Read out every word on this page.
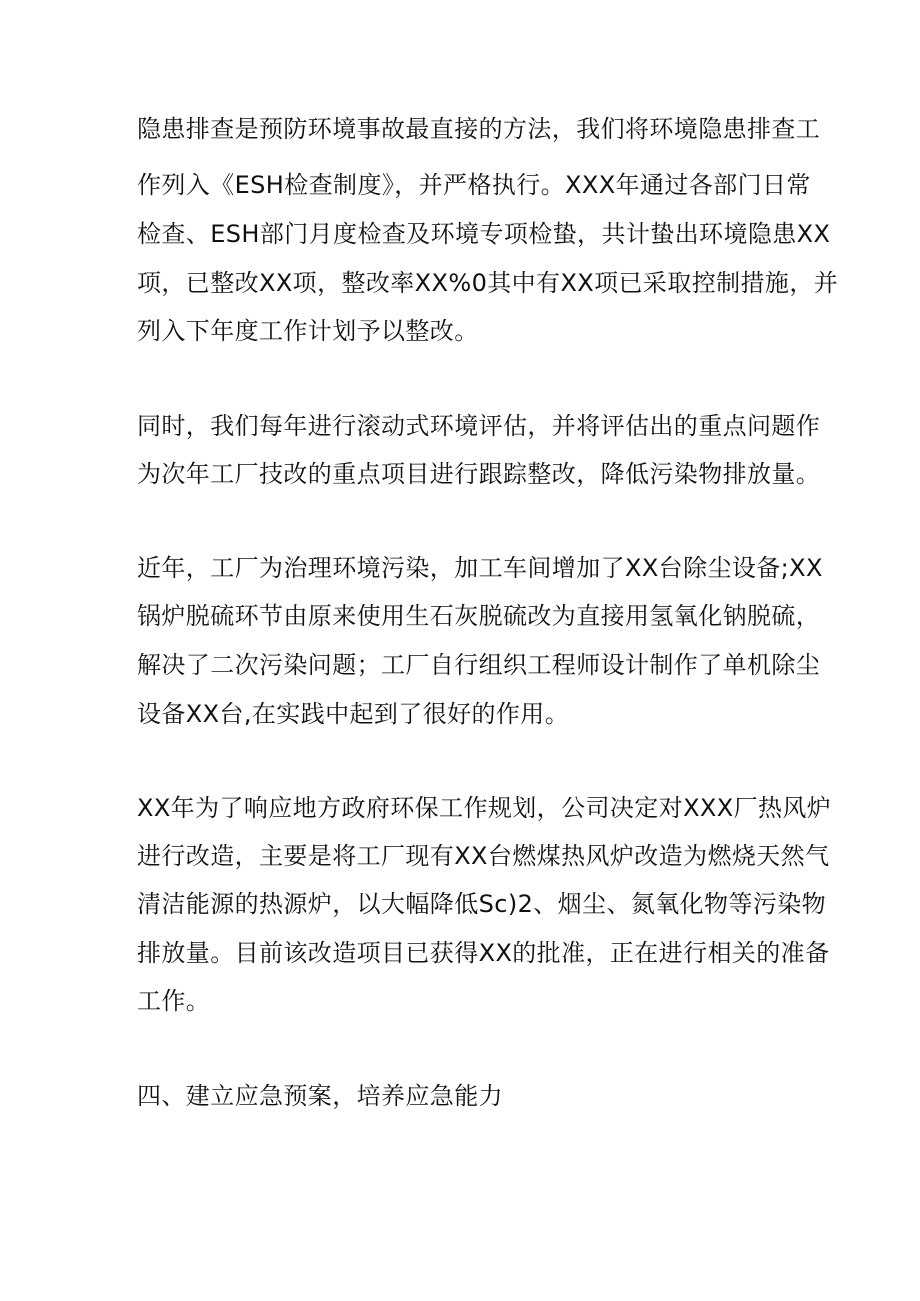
隐患排查是预防环境事故最直接的方法，我们将环境隐患排查工
作列入《ESH检查制度》，并严格执行。XXX年通过各部门日常
检查、ESH部门月度检查及环境专项检蛰，共计蛰出环境隐患XX
项，已整改XX项，整改率XX%0其中有XX项已采取控制措施，并
列入下年度工作计划予以整改。
同时，我们每年进行滚动式环境评估，并将评估出的重点问题作
为次年工厂技改的重点项目进行跟踪整改，降低污染物排放量。
近年，工厂为治理环境污染，加工车间增加了XX台除尘设备;XX
锅炉脱硫环节由原来使用生石灰脱硫改为直接用氢氧化钠脱硫，
解决了二次污染问题；工厂自行组织工程师设计制作了单机除尘
设备XX台,在实践中起到了很好的作用。
XX年为了响应地方政府环保工作规划，公司决定对XXX厂热风炉
进行改造，主要是将工厂现有XX台燃煤热风炉改造为燃烧天然气
清洁能源的热源炉，以大幅降低Sc)2、烟尘、氮氧化物等污染物
排放量。目前该改造项目已获得XX的批准，正在进行相关的准备
工作。
四、建立应急预案，培养应急能力
